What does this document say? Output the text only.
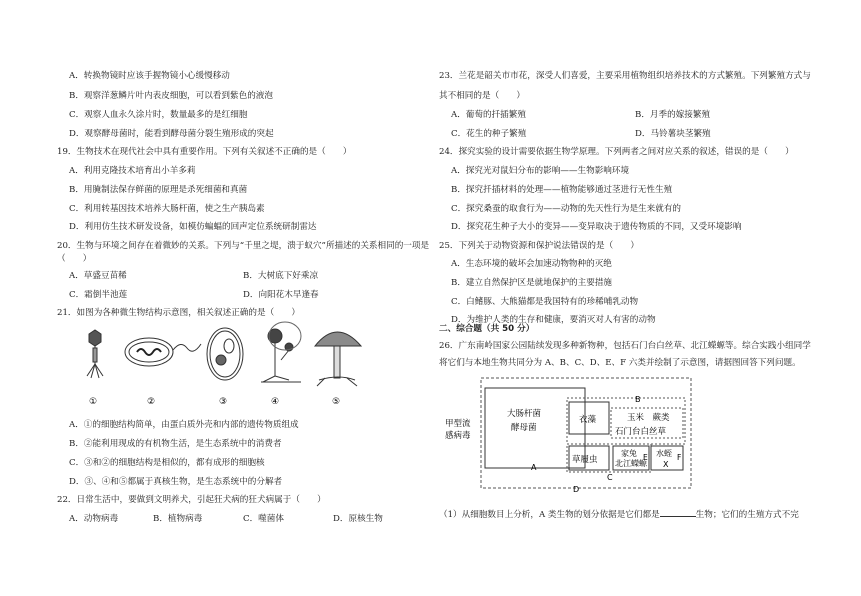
A．转换物镜时应该手握物镜小心缓慢移动
B．观察洋葱鳞片叶内表皮细胞，可以看到紫色的液泡
C．观察人血永久涂片时，数量最多的是红细胞
D．观察酵母菌时，能看到酵母菌分裂生殖形成的突起
19．生物技术在现代社会中具有重要作用。下列有关叙述不正确的是（　　）
A．利用克隆技术培育出小羊多莉
B．用腌制法保存鲜菌的原理是杀死细菌和真菌
C．利用转基因技术培养大肠杆菌，使之生产胰岛素
D．利用仿生技术研发设备，如模仿蝙蝠的回声定位系统研制雷达
20．生物与环境之间存在着微妙的关系。下列与“千里之堤，溃于蚁穴”所描述的关系相同的一项是
（　　）
A．草盛豆苗稀	B．大树底下好乘凉
C．霜倒半池莲	D．向阳花木早逢春
21．如图为各种微生物结构示意图，相关叙述正确的是（　　）
①	②	③	④	⑤
A．①的细胞结构简单，由蛋白质外壳和内部的遗传物质组成
B．②能利用现成的有机物生活，是生态系统中的消费者
C．③和②的细胞结构是相似的，都有成形的细胞核
D．③、④和⑤都属于真核生物，是生态系统中的分解者
22．日常生活中，要做到文明养犬，引起狂犬病的狂犬病属于（　　）
A．动物病毒	B．植物病毒	C．噬菌体	D．原核生物
23．兰花是韶关市市花，深受人们喜爱，主要采用植物组织培养技术的方式繁殖。下列繁殖方式与
其不相同的是（　　）
A．葡萄的扦插繁殖	B．月季的嫁接繁殖
C．花生的种子繁殖	D．马铃薯块茎繁殖
24．探究实验的设计需要依据生物学原理。下列两者之间对应关系的叙述，错误的是（　　）
A．探究光对鼠妇分布的影响——生物影响环境
B．探究扦插材料的处理——植物能够通过茎进行无性生殖
C．探究桑蚕的取食行为——动物的先天性行为是生来就有的
D．探究花生种子大小的变异——变异取决于遗传物质的不同，又受环境影响
25．下列关于动物资源和保护说法错误的是（　　）
A．生态环境的破坏会加速动物物种的灭绝
B．建立自然保护区是就地保护的主要措施
C．白鳍豚、大熊猫都是我国特有的珍稀哺乳动物
D．为维护人类的生存和健康，要消灭对人有害的动物
二、综合题（共 50 分）
26．广东南岭国家公园陆续发现多种新物种，包括石门台白丝草、北江蠑螈等。综合实践小组同学
将它们与本地生物共同分为 A、B、C、D、E、F 六类并绘制了示意图，请据图回答下列问题。
甲型流
感病毒
大肠杆菌
酵母菌
衣藻	玉米　蕨类
石门台白丝草
草履虫
家兔
北江蠑螈
水蛭
X
A
B
C
D
E	F
（1）从细胞数目上分析，A 类生物的划分依据是它们都是	生物；它们的生殖方式不完
